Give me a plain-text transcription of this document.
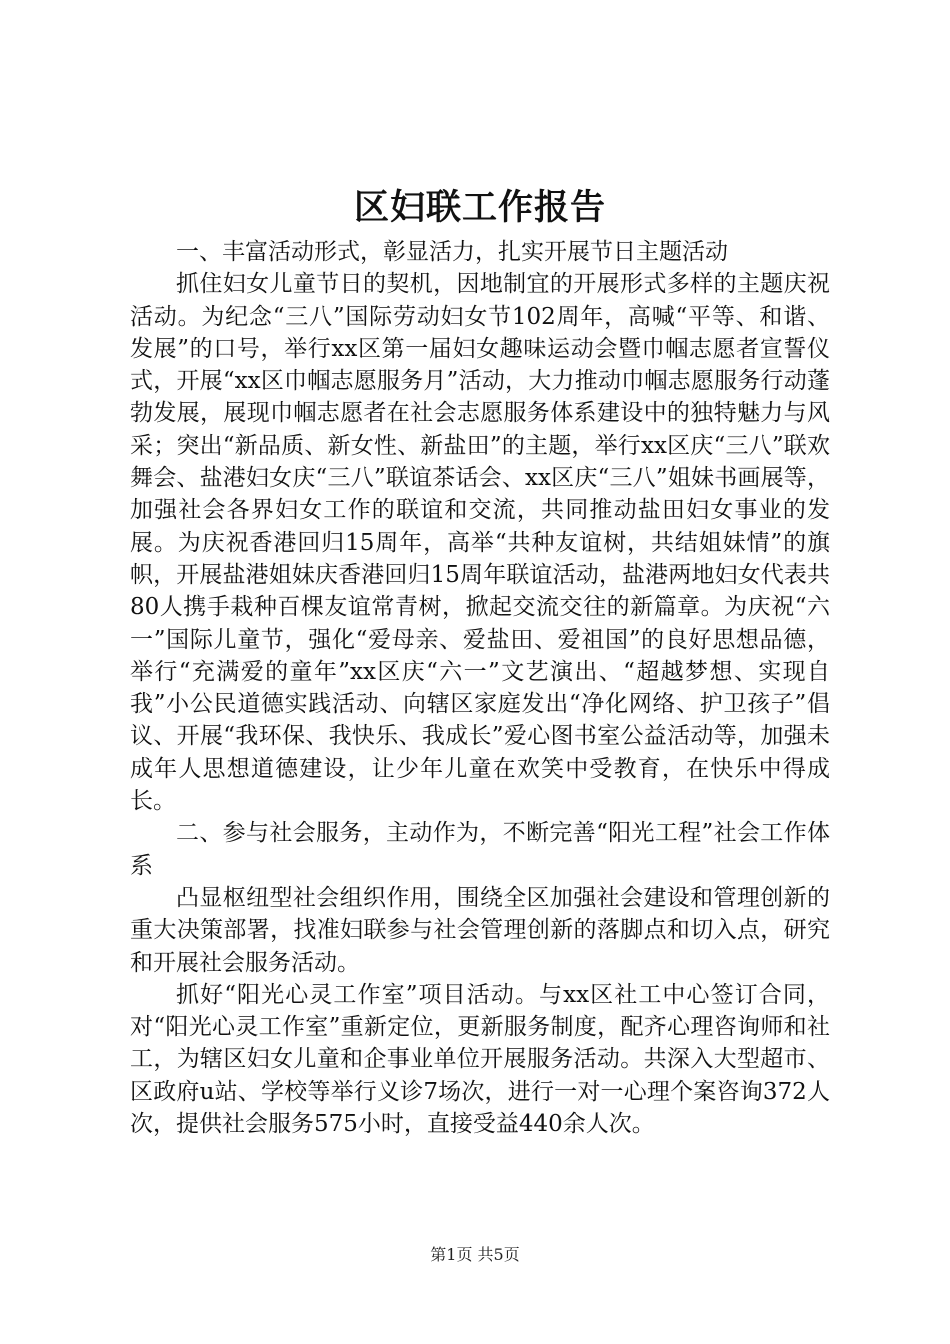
区妇联工作报告

一、丰富活动形式，彰显活力，扎实开展节日主题活动

抓住妇女儿童节日的契机，因地制宜的开展形式多样的主题庆祝活动。为纪念“三八”国际劳动妇女节102周年，高喊“平等、和谐、发展”的口号，举行xx区第一届妇女趣味运动会暨巾帼志愿者宣誓仪式，开展“xx区巾帼志愿服务月”活动，大力推动巾帼志愿服务行动蓬勃发展，展现巾帼志愿者在社会志愿服务体系建设中的独特魅力与风采；突出“新品质、新女性、新盐田”的主题，举行xx区庆“三八”联欢舞会、盐港妇女庆“三八”联谊茶话会、xx区庆“三八”姐妹书画展等，加强社会各界妇女工作的联谊和交流，共同推动盐田妇女事业的发展。为庆祝香港回归15周年，高举“共种友谊树，共结姐妹情”的旗帜，开展盐港姐妹庆香港回归15周年联谊活动，盐港两地妇女代表共80人携手栽种百棵友谊常青树，掀起交流交往的新篇章。为庆祝“六一”国际儿童节，强化“爱母亲、爱盐田、爱祖国”的良好思想品德，举行“充满爱的童年”xx区庆“六一”文艺演出、“超越梦想、实现自我”小公民道德实践活动、向辖区家庭发出“净化网络、护卫孩子”倡议、开展“我环保、我快乐、我成长”爱心图书室公益活动等，加强未成年人思想道德建设，让少年儿童在欢笑中受教育，在快乐中得成长。

二、参与社会服务，主动作为，不断完善“阳光工程”社会工作体系

凸显枢纽型社会组织作用，围绕全区加强社会建设和管理创新的重大决策部署，找准妇联参与社会管理创新的落脚点和切入点，研究和开展社会服务活动。

抓好“阳光心灵工作室”项目活动。与xx区社工中心签订合同，对“阳光心灵工作室”重新定位，更新服务制度，配齐心理咨询师和社工，为辖区妇女儿童和企事业单位开展服务活动。共深入大型超市、区政府u站、学校等举行义诊7场次，进行一对一心理个案咨询372人次，提供社会服务575小时，直接受益440余人次。

第1页 共5页
